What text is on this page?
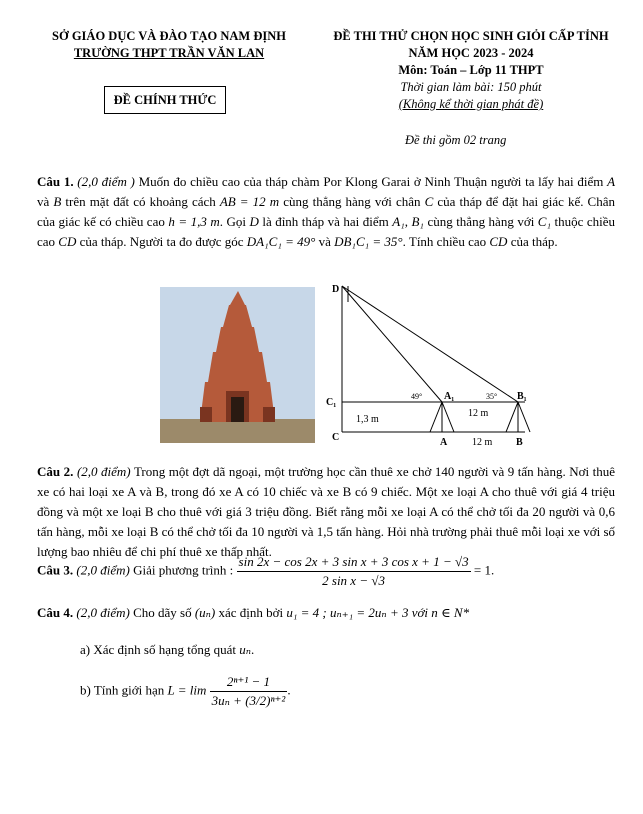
SỞ GIÁO DỤC VÀ ĐÀO TẠO NAM ĐỊNH
TRƯỜNG THPT TRẦN VĂN LAN
ĐỀ CHÍNH THỨC
ĐỀ THI THỬ CHỌN HỌC SINH GIỎI CẤP TỈNH
NĂM HỌC 2023 - 2024
Môn: Toán – Lớp 11 THPT
Thời gian làm bài: 150 phút
(Không kể thời gian phát đề)
Đề thi gồm 02 trang
Câu 1. (2,0 điểm ) Muốn đo chiều cao của tháp chàm Por Klong Garai ở Ninh Thuận người ta lấy hai điểm A và B trên mặt đất có khoảng cách AB = 12 m cùng thẳng hàng với chân C của tháp để đặt hai giác kế. Chân của giác kế có chiều cao h = 1,3 m. Gọi D là đỉnh tháp và hai điểm A₁, B₁ cùng thẳng hàng với C₁ thuộc chiều cao CD của tháp. Người ta đo được góc DA₁C₁ = 49° và DB₁C₁ = 35°. Tính chiều cao CD của tháp.
D
C₁
C
A₁	B₁
A	B
49°	35°
1,3 m
12 m
12 m
Câu 2. (2,0 điểm) Trong một đợt dã ngoại, một trường học cần thuê xe chở 140 người và 9 tấn hàng. Nơi thuê xe có hai loại xe A và B, trong đó xe A có 10 chiếc và xe B có 9 chiếc. Một xe loại A cho thuê với giá 4 triệu đồng và một xe loại B cho thuê với giá 3 triệu đồng. Biết rằng mỗi xe loại A có thể chở tối đa 20 người và 0,6 tấn hàng, mỗi xe loại B có thể chở tối đa 10 người và 1,5 tấn hàng. Hỏi nhà trường phải thuê mỗi loại xe với số lượng bao nhiêu để chi phí thuê xe thấp nhất.
Câu 3. (2,0 điểm) Giải phương trình : $\frac{\text{sin 2x − cos 2x + 3 sin x + 3 cos x + 1 − √3}}{\text{2 sin x − √3}} = 1$.
Câu 4. (2,0 điểm) Cho dãy số (uₙ) xác định bởi u₁ = 4 ; uₙ₊₁ = 2uₙ + 3 với n ∈ N*
a) Xác định số hạng tổng quát uₙ.
b) Tính giới hạn $L = \lim \frac{\text{2ⁿ⁺¹ − 1}}{\text{3uₙ + (3/2)ⁿ⁺²}}$ .
